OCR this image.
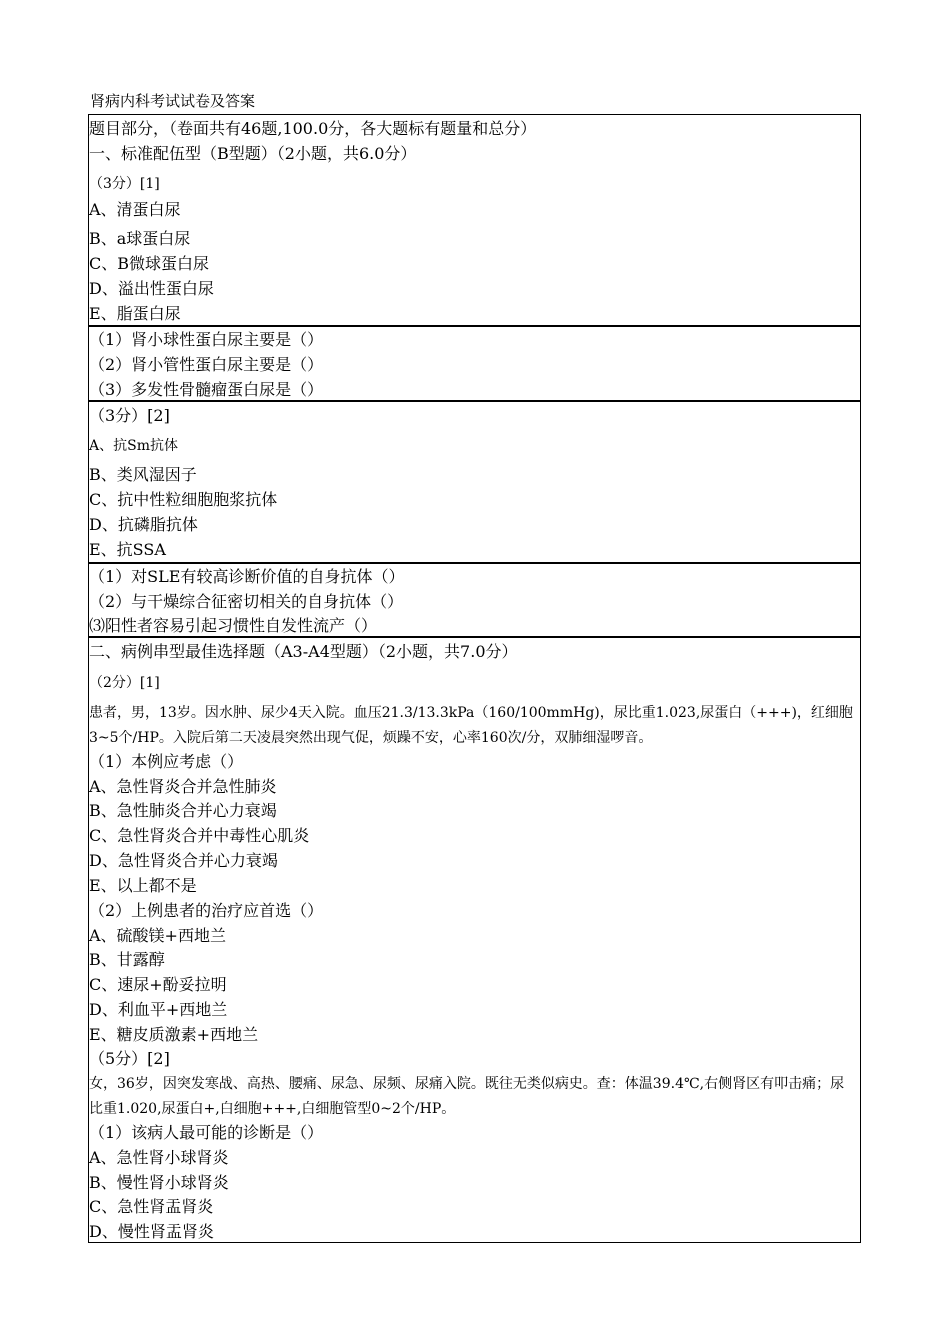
肾病内科考试试卷及答案
题目部分，（卷面共有46题,100.0分，各大题标有题量和总分）
一、标准配伍型（B型题）（2小题，共6.0分）
（3分）[1]
A、清蛋白尿
B、a球蛋白尿
C、B微球蛋白尿
D、溢出性蛋白尿
E、脂蛋白尿
（1）肾小球性蛋白尿主要是（）
（2）肾小管性蛋白尿主要是（）
（3）多发性骨髓瘤蛋白尿是（）
（3分）[2]
A、抗Sm抗体
B、类风湿因子
C、抗中性粒细胞胞浆抗体
D、抗磷脂抗体
E、抗SSA
（1）对SLE有较高诊断价值的自身抗体（）
（2）与干燥综合征密切相关的自身抗体（）
⑶阳性者容易引起习惯性自发性流产（）
二、病例串型最佳选择题（A3-A4型题）（2小题，共7.0分）
（2分）[1]
患者，男，13岁。因水肿、尿少4天入院。血压21.3/13.3kPa（160/100mmHg)，尿比重1.023,尿蛋白（+++)，红细胞3~5个/HP。入院后第二天凌晨突然出现气促，烦躁不安，心率160次/分，双肺细湿啰音。
（1）本例应考虑（）
A、急性肾炎合并急性肺炎
B、急性肺炎合并心力衰竭
C、急性肾炎合并中毒性心肌炎
D、急性肾炎合并心力衰竭
E、以上都不是
（2）上例患者的治疗应首选（）
A、硫酸镁+西地兰
B、甘露醇
C、速尿+酚妥拉明
D、利血平+西地兰
E、糖皮质激素+西地兰
（5分）[2]
女，36岁，因突发寒战、高热、腰痛、尿急、尿频、尿痛入院。既往无类似病史。查：体温39.4℃,右侧肾区有叩击痛；尿比重1.020,尿蛋白+,白细胞+++,白细胞管型0~2个/HP。
（1）该病人最可能的诊断是（）
A、急性肾小球肾炎
B、慢性肾小球肾炎
C、急性肾盂肾炎
D、慢性肾盂肾炎
